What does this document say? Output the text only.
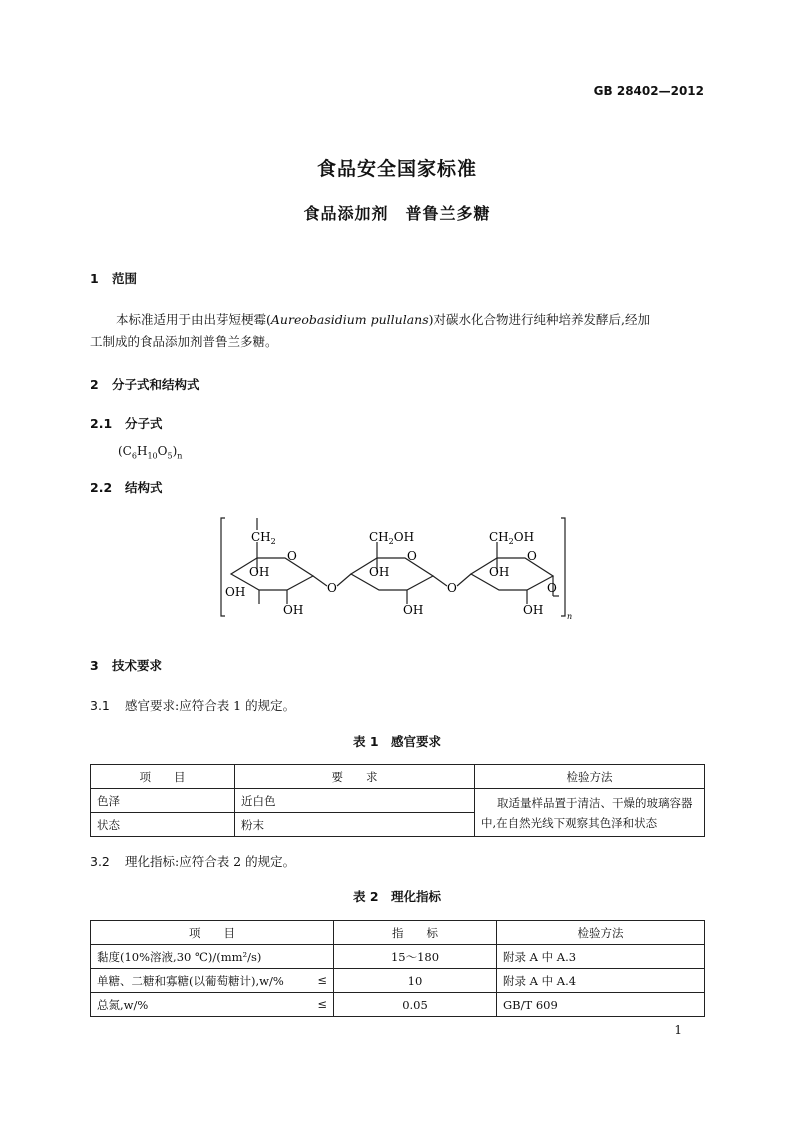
GB 28402—2012
食品安全国家标准
食品添加剂　普鲁兰多糖
1 范围
本标准适用于由出芽短梗霉(Aureobasidium pullulans)对碳水化合物进行纯种培养发酵后,经加
工制成的食品添加剂普鲁兰多糖。
2 分子式和结构式
2.1 分子式
$(C_6H_{10}O_5)_n$
2.2 结构式
n
$CH_2$
O
OH
OH
OH
O
$CH_2OH$
O
OH
OH
O
$CH_2OH$
O
OH
OH
O
3 技术要求
3.1 感官要求:应符合表 1 的规定。
表 1　感官要求
项　　目	要　　求	检验方法
色泽	近白色	取适量样品置于清洁、干燥的玻璃容器
中,在自然光线下观察其色泽和状态

状态	粉末	
3.2 理化指标:应符合表 2 的规定。
表 2　理化指标
项　　目	指　　标	检验方法
黏度(10%溶液,30 ℃)/(mm²/s)	15～180	附录 A 中 A.3
单糖、二糖和寡糖(以葡萄糖计),w/% ≤	10	附录 A 中 A.4
总氮,w/% ≤	0.05	GB/T 609
1
